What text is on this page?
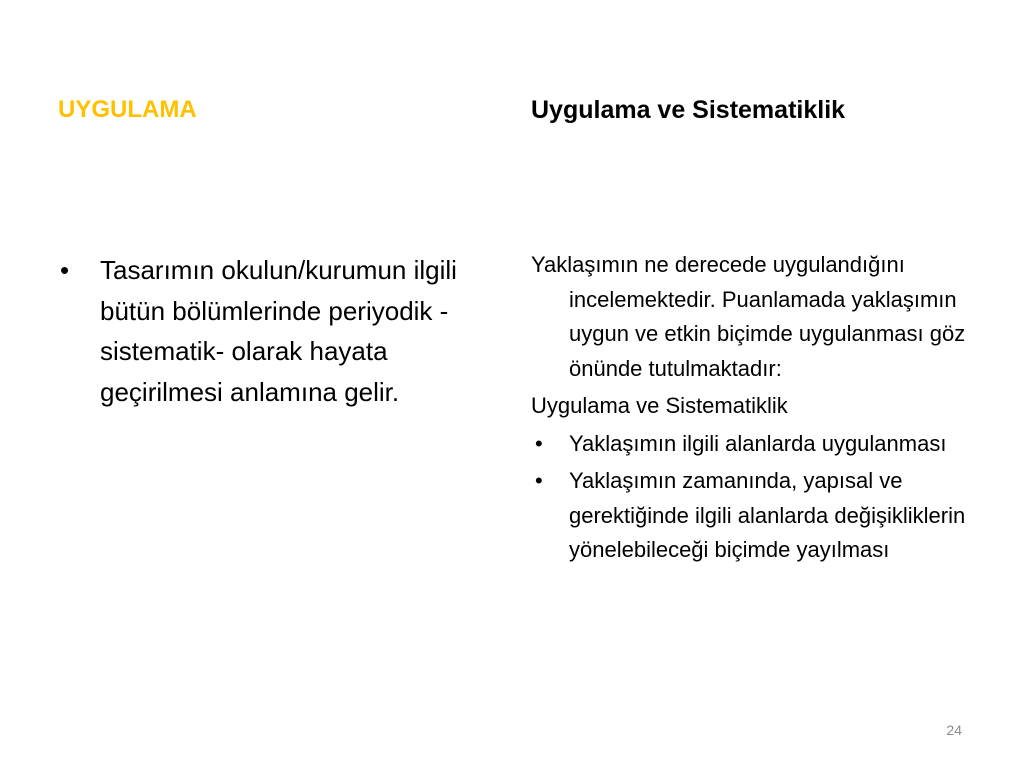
UYGULAMA	Uygulama ve Sistematiklik
•	Tasarımın okulun/kurumun ilgili bütün bölümlerinde periyodik -sistematik- olarak hayata geçirilmesi anlamına gelir.

Yaklaşımın ne derecede uygulandığını incelemektedir. Puanlamada yaklaşımın uygun ve etkin biçimde uygulanması göz önünde tutulmaktadır:

Uygulama ve Sistematiklik

•	Yaklaşımın ilgili alanlarda uygulanması
•	Yaklaşımın zamanında, yapısal ve gerektiğinde ilgili alanlarda değişikliklerin yönelebileceği biçimde yayılması
24
